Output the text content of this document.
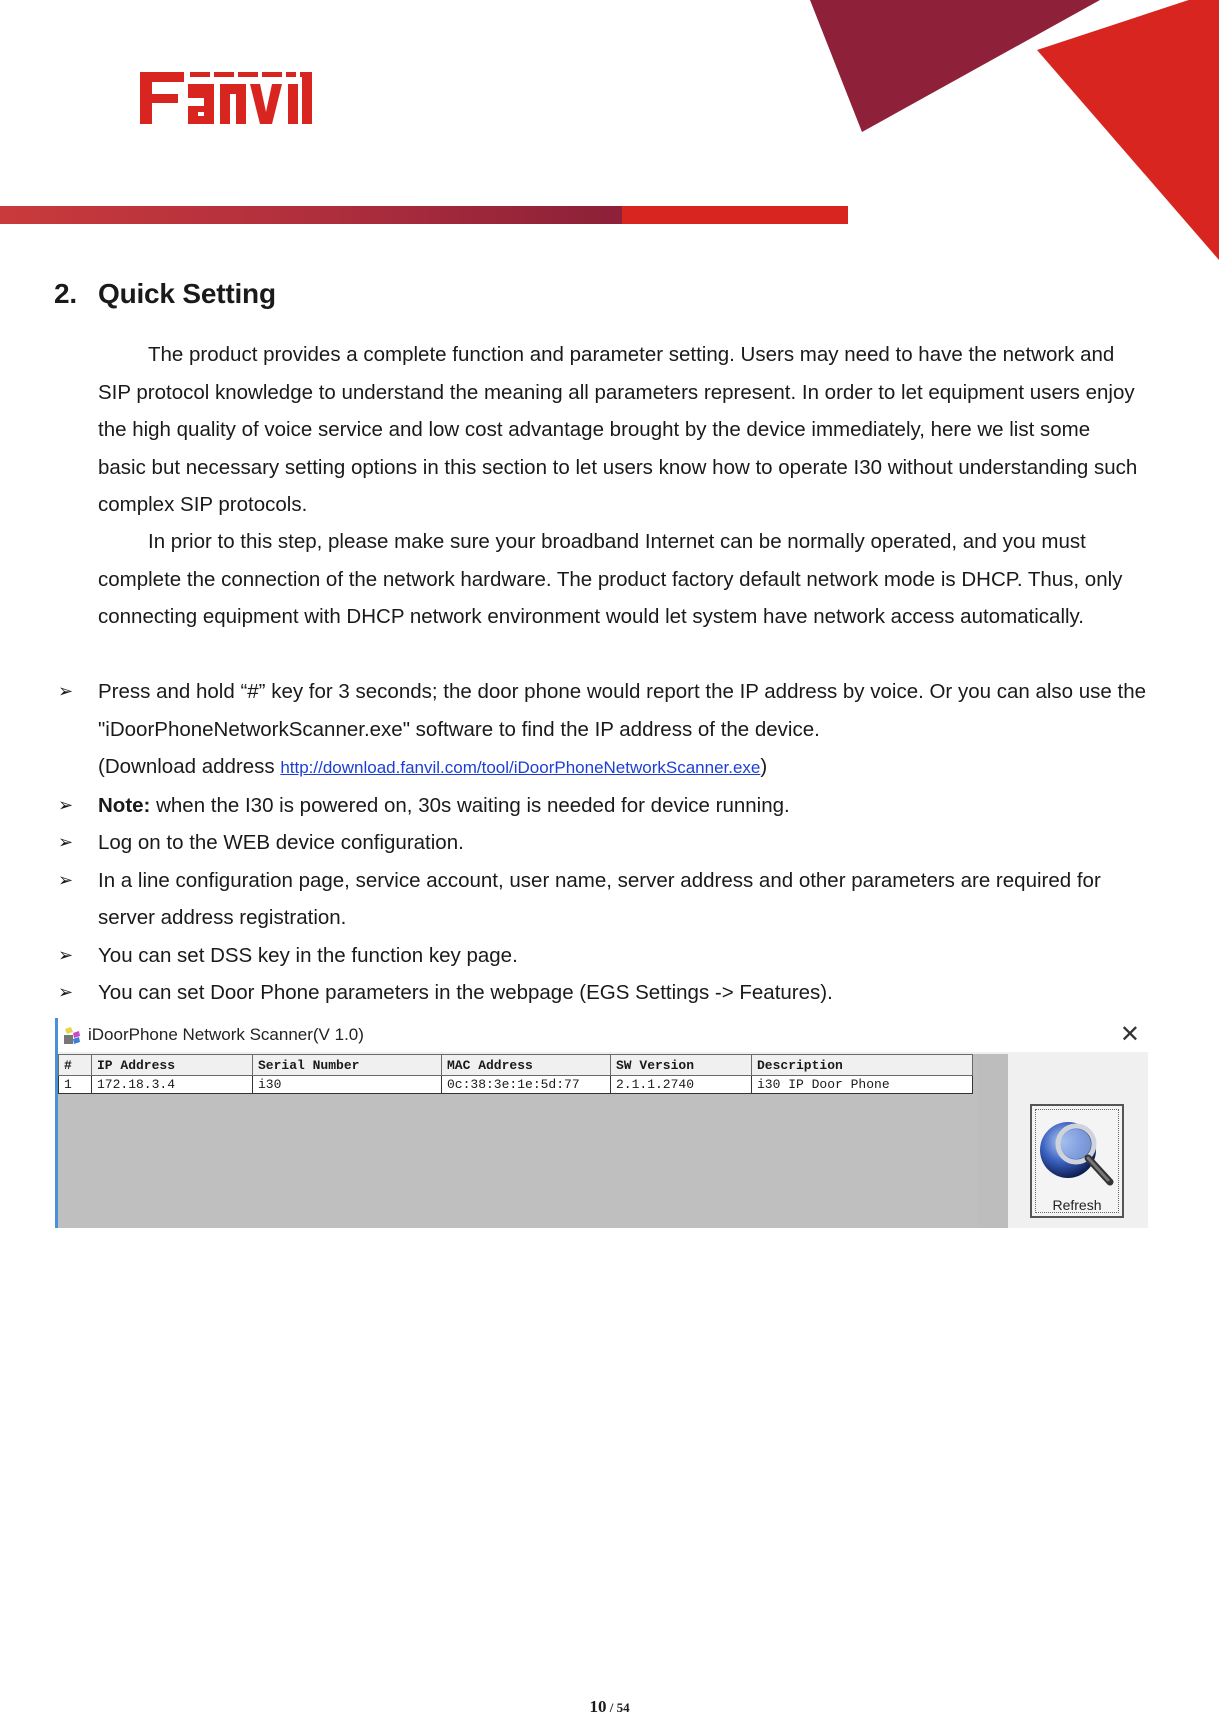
2. Quick Setting
The product provides a complete function and parameter setting. Users may need to have the network and SIP protocol knowledge to understand the meaning all parameters represent. In order to let equipment users enjoy the high quality of voice service and low cost advantage brought by the device immediately, here we list some basic but necessary setting options in this section to let users know how to operate I30 without understanding such complex SIP protocols.
In prior to this step, please make sure your broadband Internet can be normally operated, and you must complete the connection of the network hardware. The product factory default network mode is DHCP. Thus, only connecting equipment with DHCP network environment would let system have network access automatically.
➢	Press and hold “#” key for 3 seconds; the door phone would report the IP address by voice. Or you can also use the "iDoorPhoneNetworkScanner.exe" software to find the IP address of the device.
(Download address http://download.fanvil.com/tool/iDoorPhoneNetworkScanner.exe)
➢	Note: when the I30 is powered on, 30s waiting is needed for device running.
➢	Log on to the WEB device configuration.
➢	In a line configuration page, service account, user name, server address and other parameters are required for server address registration.
➢	You can set DSS key in the function key page.
➢	You can set Door Phone parameters in the webpage (EGS Settings -> Features).
iDoorPhone Network Scanner(V 1.0)	✕
#	IP Address	Serial Number	MAC Address	SW Version	Description
1	172.18.3.4	i30	0c:38:3e:1e:5d:77	2.1.1.2740	i30 IP Door Phone
Refresh
10 / 54
